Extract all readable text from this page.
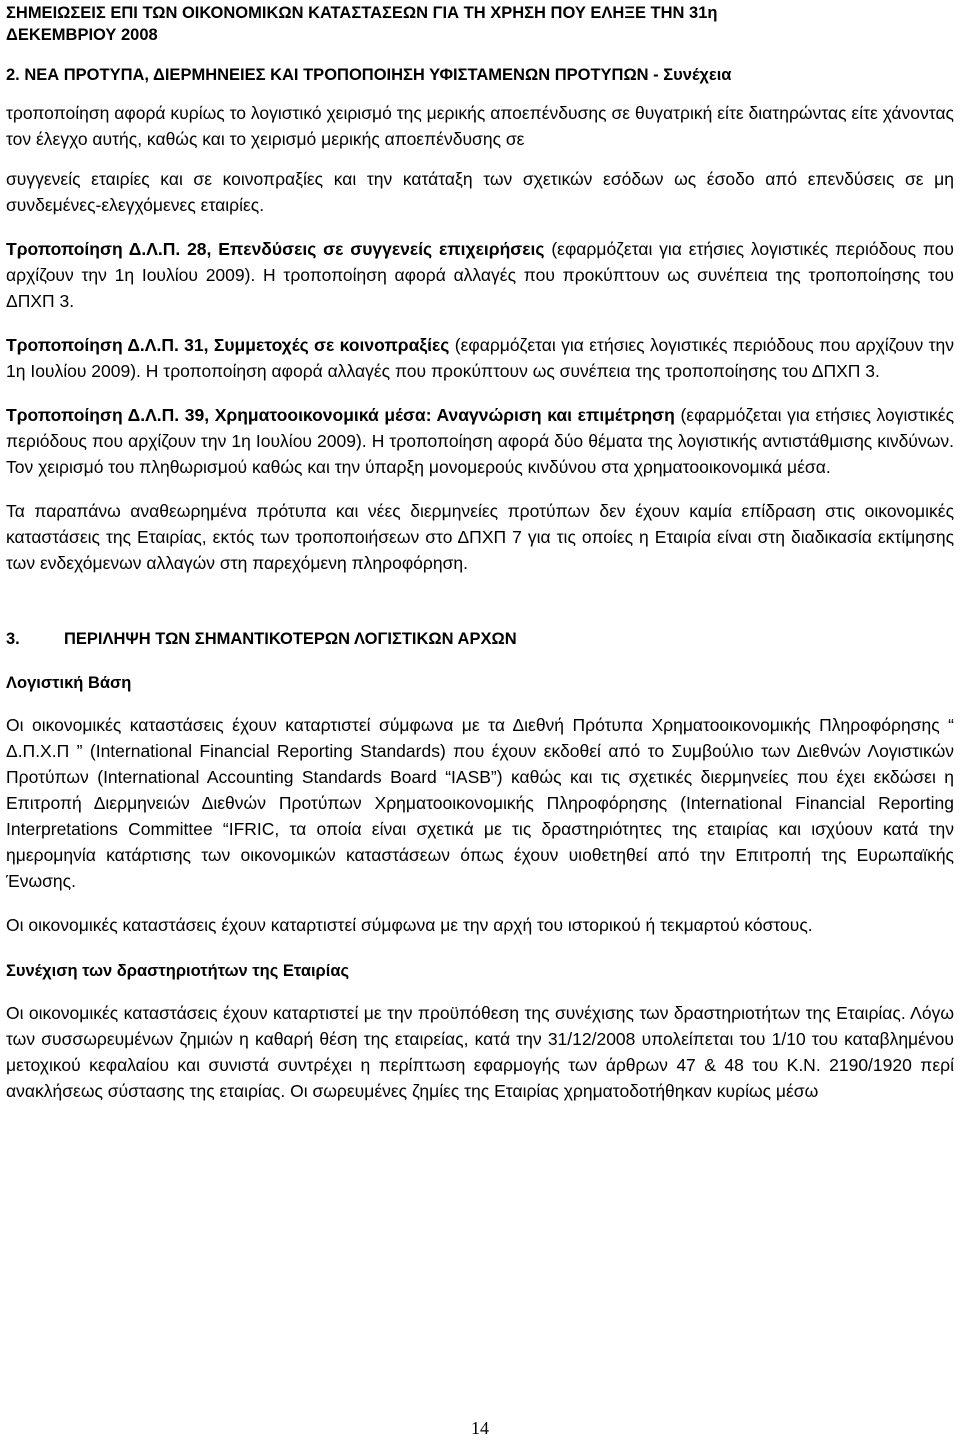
ΣΗΜΕΙΩΣΕΙΣ ΕΠΙ ΤΩΝ ΟΙΚΟΝΟΜΙΚΩΝ ΚΑΤΑΣΤΑΣΕΩΝ ΓΙΑ ΤΗ ΧΡΗΣΗ ΠΟΥ ΕΛΗΞΕ ΤΗΝ 31η
ΔΕΚΕΜΒΡΙΟΥ 2008
2. ΝΕΑ ΠΡΟΤΥΠΑ, ΔΙΕΡΜΗΝΕΙΕΣ ΚΑΙ ΤΡΟΠΟΠΟΙΗΣΗ ΥΦΙΣΤΑΜΕΝΩΝ ΠΡΟΤΥΠΩΝ - Συνέχεια

τροποποίηση αφορά κυρίως το λογιστικό χειρισμό της μερικής αποεπένδυσης σε θυγατρική είτε διατηρώντας είτε χάνοντας τον έλεγχο αυτής, καθώς και το χειρισμό μερικής αποεπένδυσης σε

συγγενείς εταιρίες και σε κοινοπραξίες και την κατάταξη των σχετικών εσόδων ως έσοδο από επενδύσεις σε μη συνδεμένες-ελεγχόμενες εταιρίες.

Τροποποίηση Δ.Λ.Π. 28, Επενδύσεις σε συγγενείς επιχειρήσεις (εφαρμόζεται για ετήσιες λογιστικές περιόδους που αρχίζουν την 1η Ιουλίου 2009). Η τροποποίηση αφορά αλλαγές που προκύπτουν ως συνέπεια της τροποποίησης του ΔΠΧΠ 3.

Τροποποίηση Δ.Λ.Π. 31, Συμμετοχές σε κοινοπραξίες (εφαρμόζεται για ετήσιες λογιστικές περιόδους που αρχίζουν την 1η Ιουλίου 2009). Η τροποποίηση αφορά αλλαγές που προκύπτουν ως συνέπεια της τροποποίησης του ΔΠΧΠ 3.

Τροποποίηση Δ.Λ.Π. 39, Χρηματοοικονομικά μέσα: Αναγνώριση και επιμέτρηση (εφαρμόζεται για ετήσιες λογιστικές περιόδους που αρχίζουν την 1η Ιουλίου 2009). Η τροποποίηση αφορά δύο θέματα της λογιστικής αντιστάθμισης κινδύνων. Τον χειρισμό του πληθωρισμού καθώς και την ύπαρξη μονομερούς κινδύνου στα χρηματοοικονομικά μέσα.

Τα παραπάνω αναθεωρημένα πρότυπα και νέες διερμηνείες προτύπων δεν έχουν καμία επίδραση στις οικονομικές καταστάσεις της Εταιρίας, εκτός των τροποποιήσεων στο ΔΠΧΠ 7 για τις οποίες η Εταιρία είναι στη διαδικασία εκτίμησης των ενδεχόμενων αλλαγών στη παρεχόμενη πληροφόρηση.

3.	ΠΕΡΙΛΗΨΗ ΤΩΝ ΣΗΜΑΝΤΙΚΟΤΕΡΩΝ ΛΟΓΙΣΤΙΚΩΝ ΑΡΧΩΝ
Λογιστική Βάση

Οι οικονομικές καταστάσεις έχουν καταρτιστεί σύμφωνα με τα Διεθνή Πρότυπα Χρηματοοικονομικής Πληροφόρησης “ Δ.Π.Χ.Π ” (International Financial Reporting Standards) που έχουν εκδοθεί από το Συμβούλιο των Διεθνών Λογιστικών Προτύπων (International Accounting Standards Board “IASB”) καθώς και τις σχετικές διερμηνείες που έχει εκδώσει η Επιτροπή Διερμηνειών Διεθνών Προτύπων Χρηματοοικονομικής Πληροφόρησης (International Financial Reporting Interpretations Committee “IFRIC, τα οποία είναι σχετικά με τις δραστηριότητες της εταιρίας και ισχύουν κατά την ημερομηνία κατάρτισης των οικονομικών καταστάσεων όπως έχουν υιοθετηθεί από την Επιτροπή της Ευρωπαϊκής Ένωσης.

Οι οικονομικές καταστάσεις έχουν καταρτιστεί σύμφωνα με την αρχή του ιστορικού ή τεκμαρτού κόστους.

Συνέχιση των δραστηριοτήτων της Εταιρίας

Οι οικονομικές καταστάσεις έχουν καταρτιστεί με την προϋπόθεση της συνέχισης των δραστηριοτήτων της Εταιρίας. Λόγω των συσσωρευμένων ζημιών η καθαρή θέση της εταιρείας, κατά την 31/12/2008 υπολείπεται του 1/10 του καταβλημένου μετοχικού κεφαλαίου και συνιστά συντρέχει η περίπτωση εφαρμογής των άρθρων 47 & 48 του Κ.Ν. 2190/1920 περί ανακλήσεως σύστασης της εταιρίας. Οι σωρευμένες ζημίες της Εταιρίας χρηματοδοτήθηκαν κυρίως μέσω

14
